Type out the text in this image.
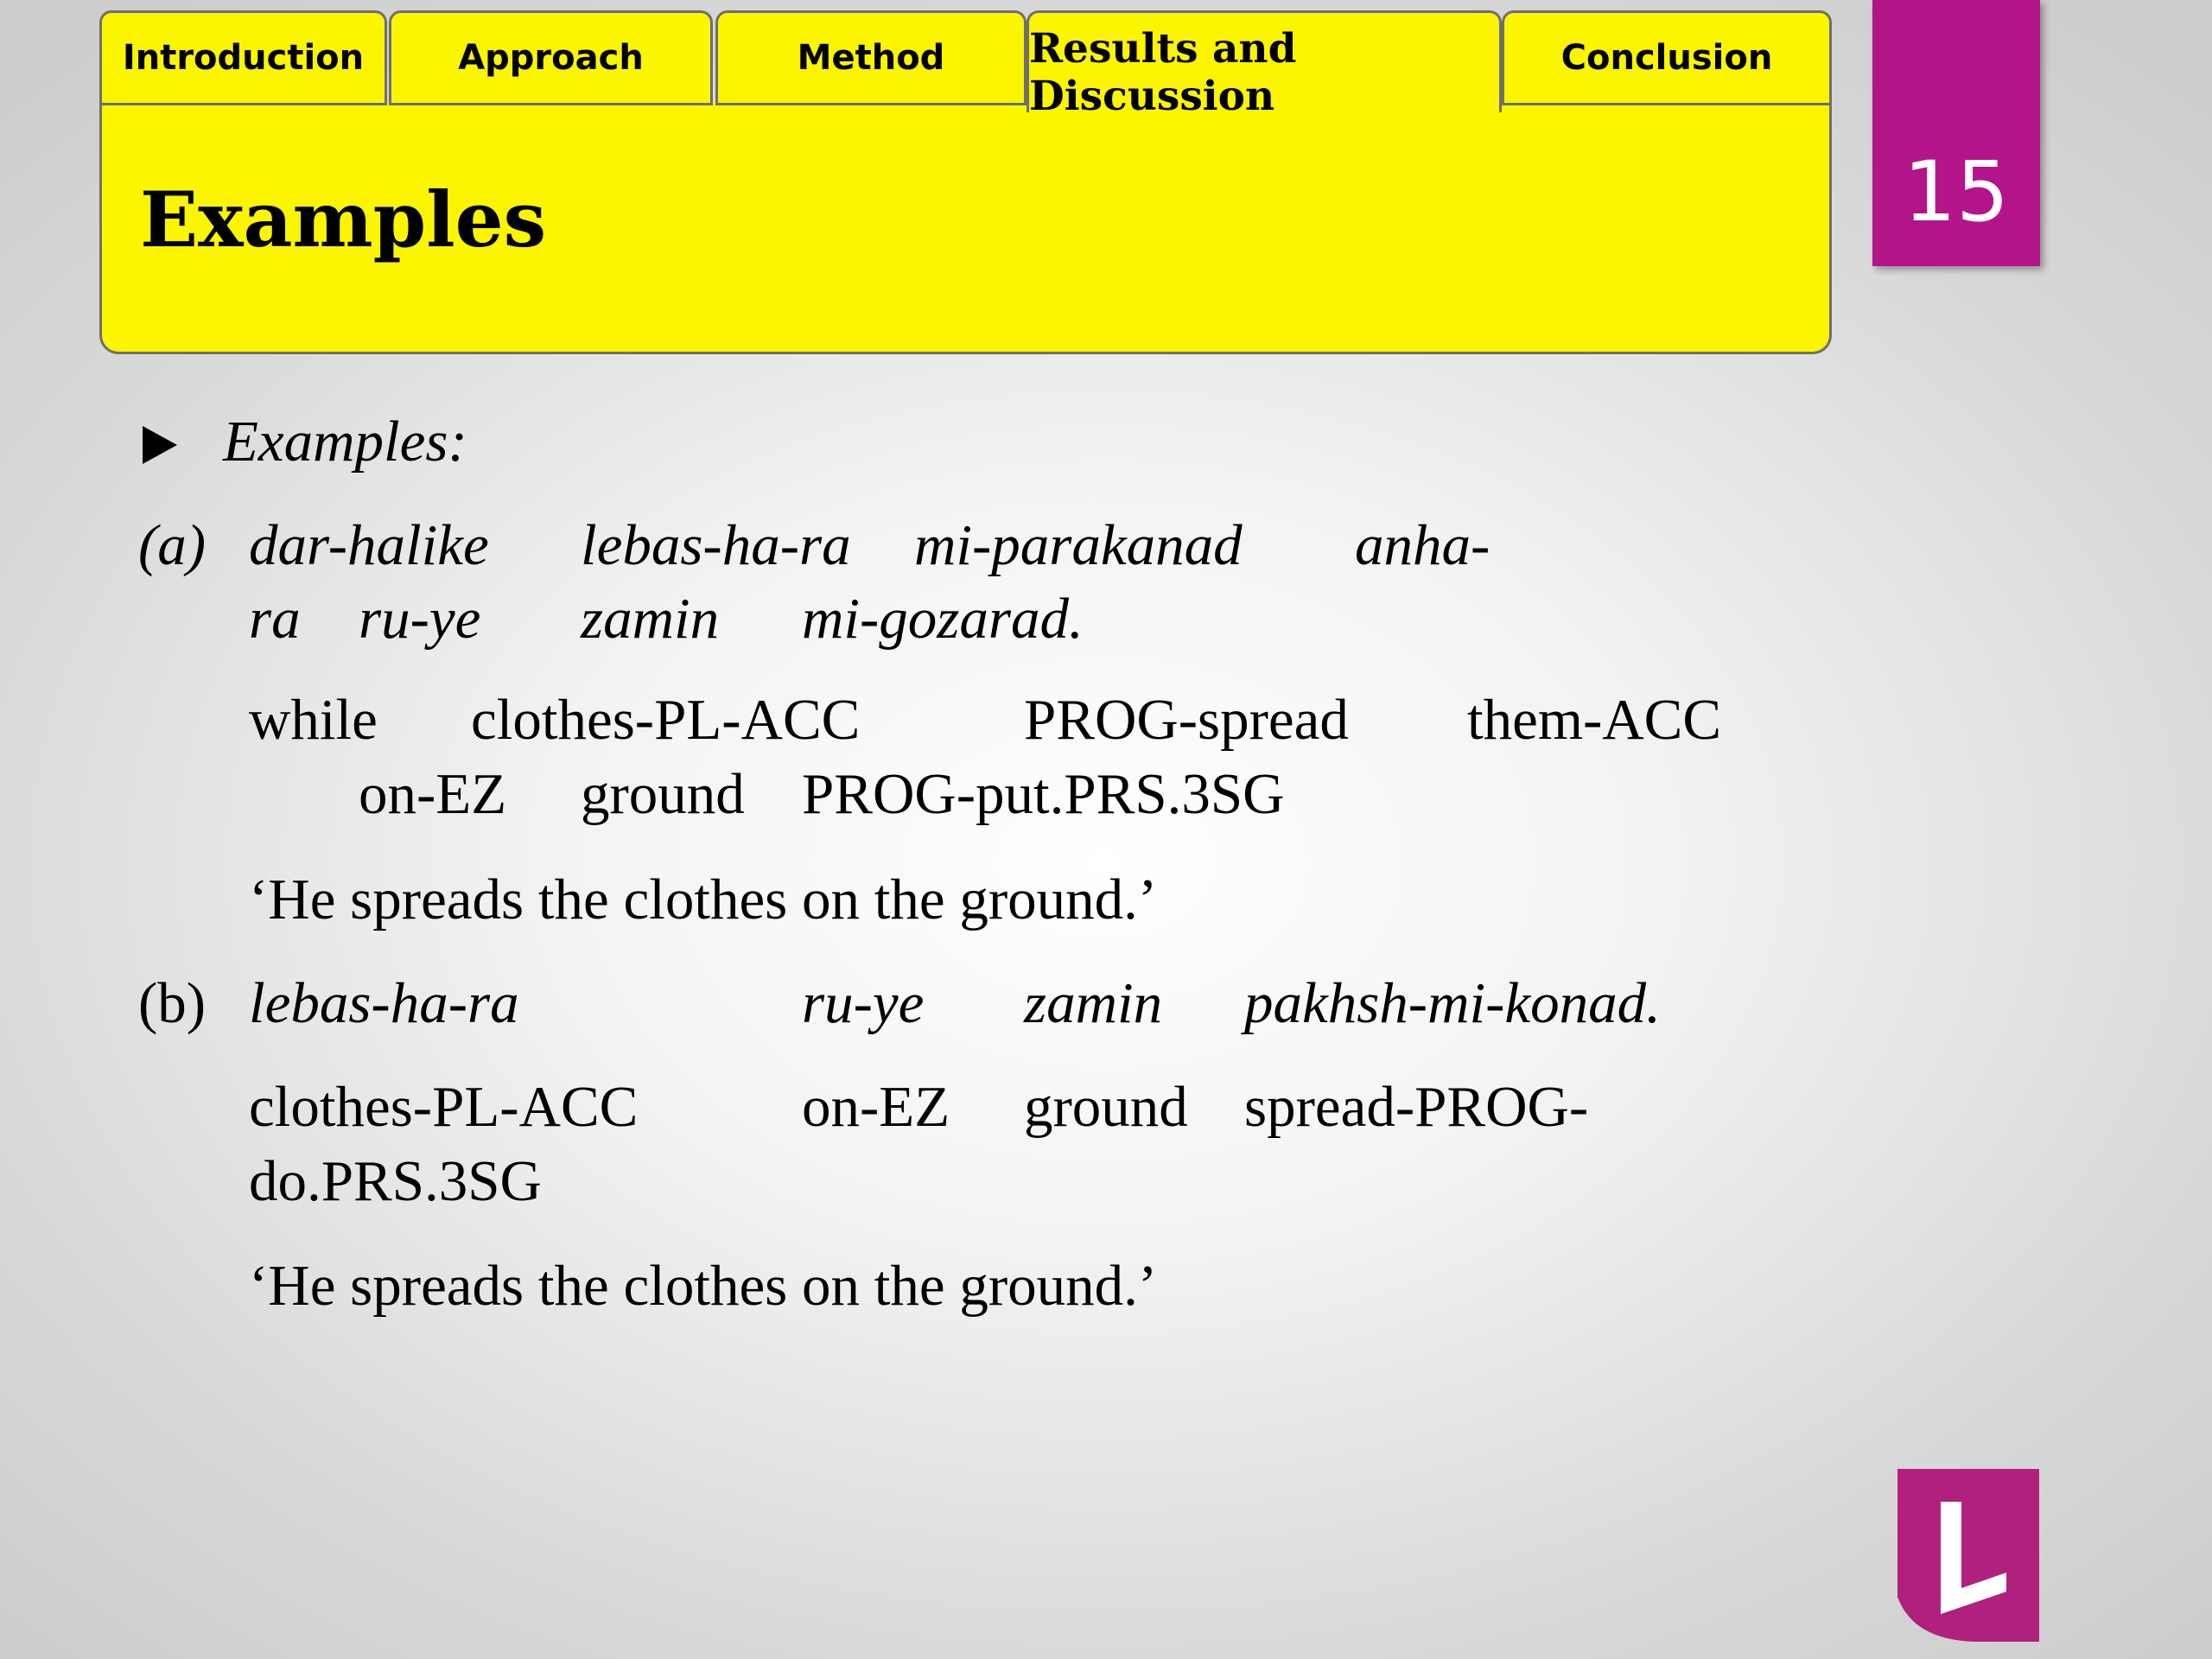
Introduction	Approach	Method	Results and Discussion
Conclusion
Examples	15
Examples:
(a) dar-halike lebas-ha-ra mi-parakanad anha-
ra ru-ye zamin mi-gozarad.
while clothes-PL-ACC	PROG-spread them-ACC
on-EZ ground PROG-put.PRS.3SG
‘He spreads the clothes on the ground.’
(b) lebas-ha-ra	ru-ye zamin pakhsh-mi-konad.
clothes-PL-ACC	on-EZ ground spread-PROG-
do.PRS.3SG
‘He spreads the clothes on the ground.’
